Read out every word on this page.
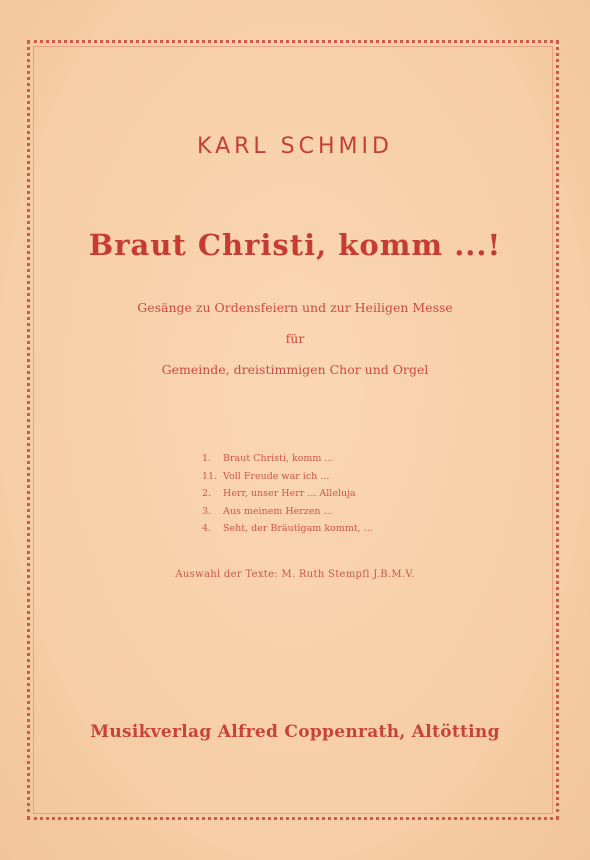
KARL SCHMID
Braut Christi, komm ...!
Gesänge zu Ordensfeiern und zur Heiligen Messe
für
Gemeinde, dreistimmigen Chor und Orgel
1. Braut Christi, komm ...
11. Voll Freude war ich ...
2. Herr, unser Herr ... Alleluja
3. Aus meinem Herzen ...
4. Seht, der Bräutigam kommt, ...
Auswahl der Texte: M. Ruth Stempfl J.B.M.V.
Musikverlag Alfred Coppenrath, Altötting
